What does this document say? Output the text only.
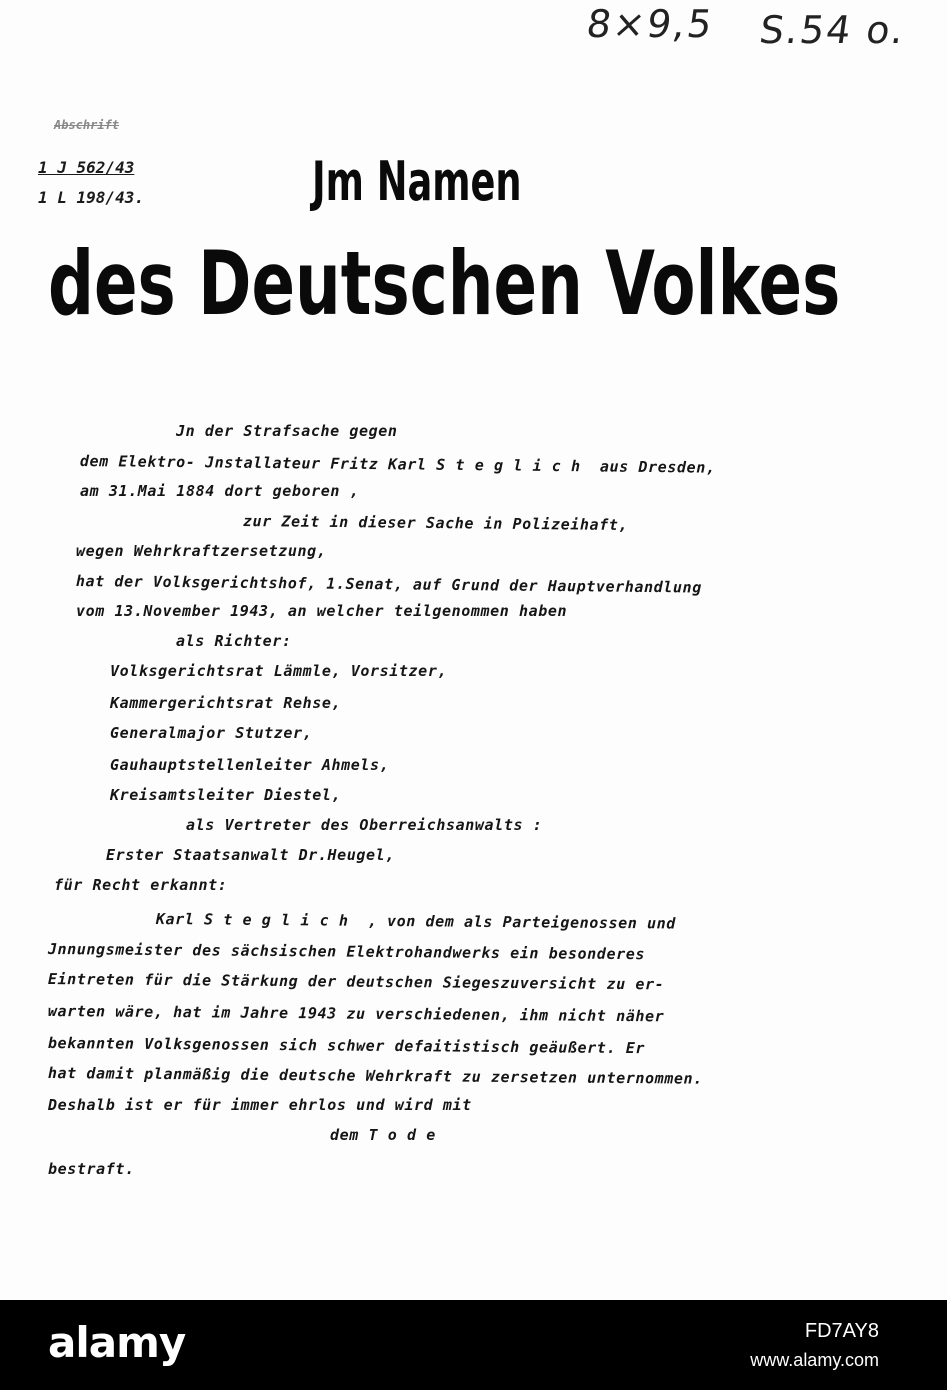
8×9,5 S.54 o.
Abschrift
1 J 562/43
1 L 198/43.	Jm Namen
des Deutschen Volkes
Jn der Strafsache gegen
dem Elektro- Jnstallateur Fritz Karl S t e g l i c h  aus Dresden,
am 31.Mai 1884 dort geboren ,
zur Zeit in dieser Sache in Polizeihaft,
wegen Wehrkraftzersetzung,
hat der Volksgerichtshof, 1.Senat, auf Grund der Hauptverhandlung
vom 13.November 1943, an welcher teilgenommen haben
als Richter:
Volksgerichtsrat Lämmle, Vorsitzer,
Kammergerichtsrat Rehse,
Generalmajor Stutzer,
Gauhauptstellenleiter Ahmels,
Kreisamtsleiter Diestel,
als Vertreter des Oberreichsanwalts :
Erster Staatsanwalt Dr.Heugel,
für Recht erkannt:
Karl S t e g l i c h  , von dem als Parteigenossen und
Jnnungsmeister des sächsischen Elektrohandwerks ein besonderes
Eintreten für die Stärkung der deutschen Siegeszuversicht zu er-
warten wäre, hat im Jahre 1943 zu verschiedenen, ihm nicht näher
bekannten Volksgenossen sich schwer defaitistisch geäußert. Er
hat damit planmäßig die deutsche Wehrkraft zu zersetzen unternommen.
Deshalb ist er für immer ehrlos und wird mit
dem T o d e
bestraft.
alamy	FD7AY8
www.alamy.com
